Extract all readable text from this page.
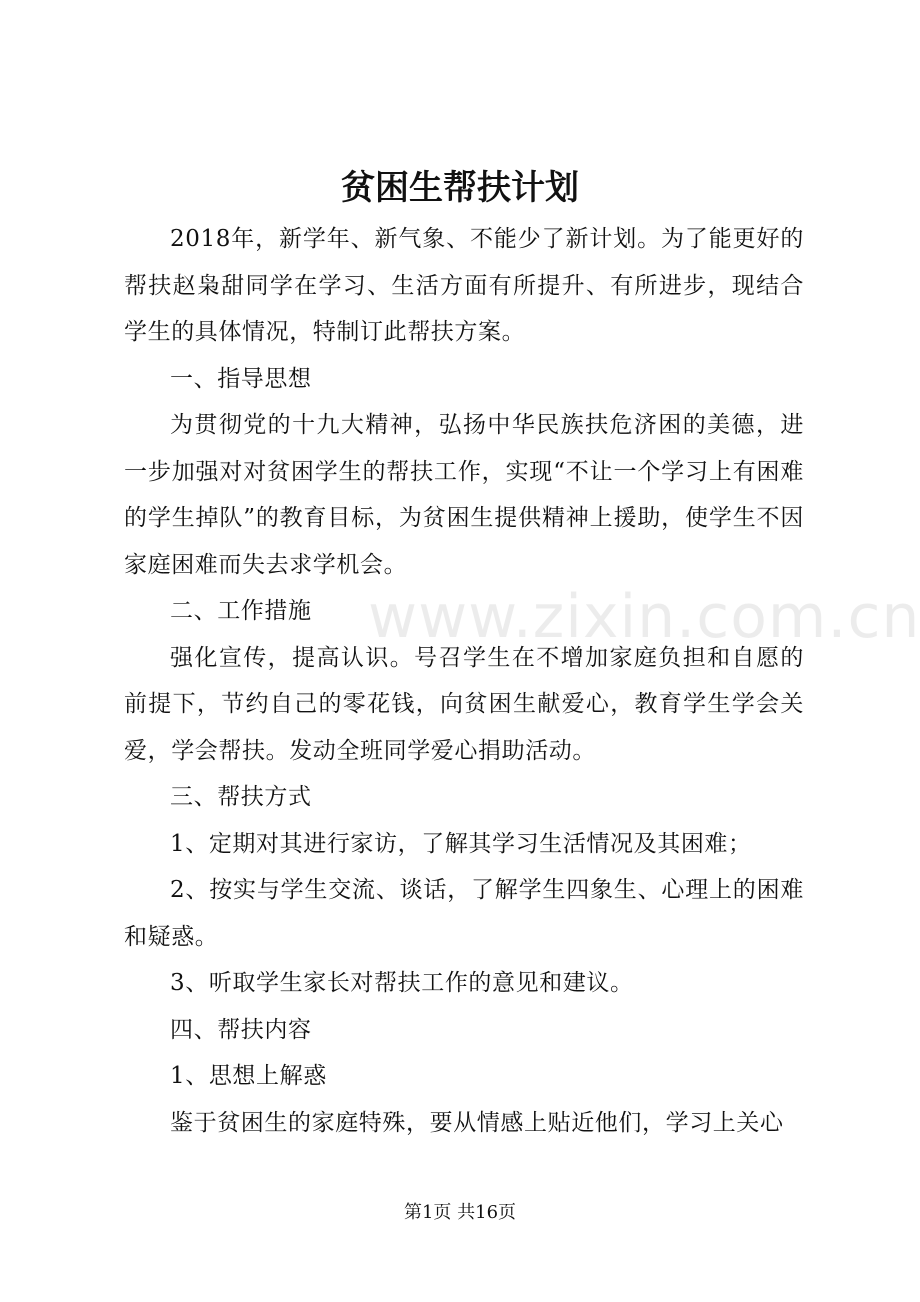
www.zixin.com.cn
贫困生帮扶计划

2018年，新学年、新气象、不能少了新计划。为了能更好的帮扶赵枭甜同学在学习、生活方面有所提升、有所进步，现结合学生的具体情况，特制订此帮扶方案。

一、指导思想

为贯彻党的十九大精神，弘扬中华民族扶危济困的美德，进一步加强对对贫困学生的帮扶工作，实现“不让一个学习上有困难的学生掉队”的教育目标，为贫困生提供精神上援助，使学生不因家庭困难而失去求学机会。

二、工作措施

强化宣传，提高认识。号召学生在不增加家庭负担和自愿的前提下，节约自己的零花钱，向贫困生献爱心，教育学生学会关爱，学会帮扶。发动全班同学爱心捐助活动。

三、帮扶方式

1、定期对其进行家访，了解其学习生活情况及其困难；

2、按实与学生交流、谈话，了解学生四象生、心理上的困难和疑惑。

3、听取学生家长对帮扶工作的意见和建议。

四、帮扶内容

1、思想上解惑

鉴于贫困生的家庭特殊，要从情感上贴近他们，学习上关心

第1页 共16页
